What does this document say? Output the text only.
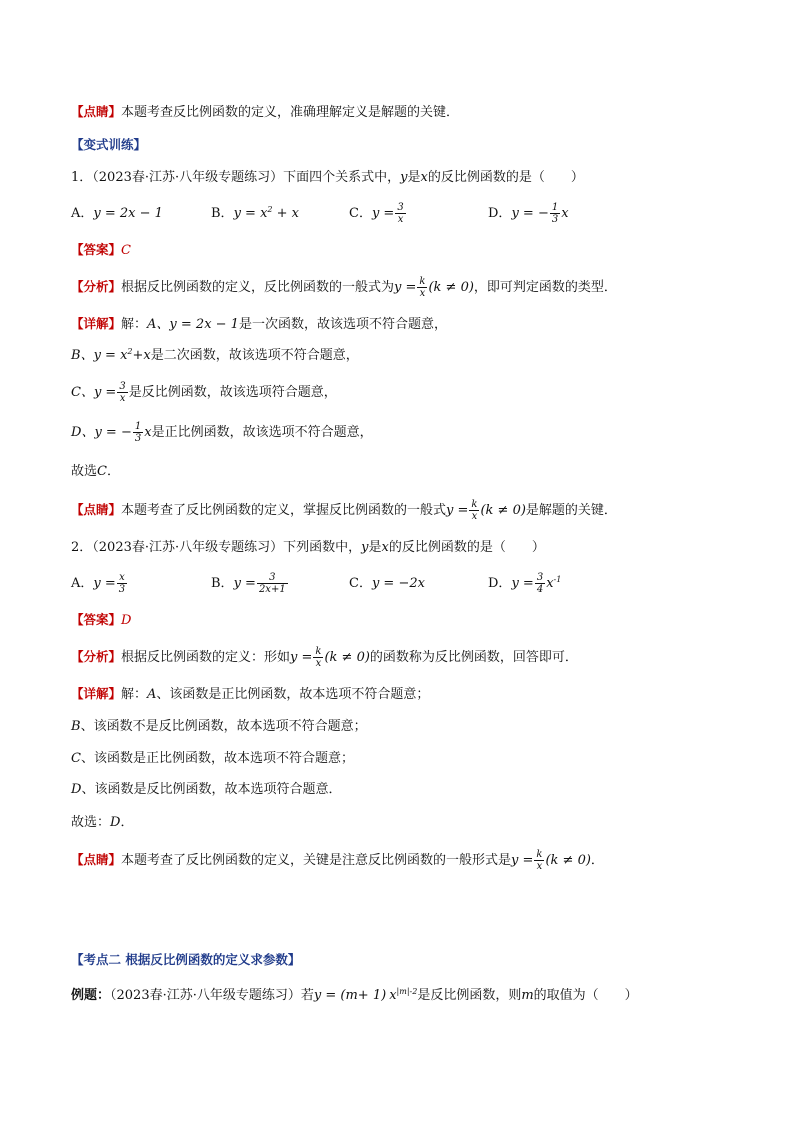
【点睛】本题考查反比例函数的定义，准确理解定义是解题的关键．
【变式训练】
1．（2023春·江苏·八年级专题练习）下面四个关系式中，y是x的反比例函数的是（　　）
A．y = 2x − 1	B．$y = x^2 + x$	C．$y = \frac{3}{x}$	D．y = − $\frac{1}{3}$ x
【答案】C
【分析】根据反比例函数的定义，反比例函数的一般式为$y = \frac{k}{x} (k \ne 0)$，即可判定函数的类型．
【详解】解：A、y = 2x − 1是一次函数，故该选项不符合题意，
B、$y = x^2+x$是二次函数，故该选项不符合题意，
C、$y = \frac{3}{x}$ 是反比例函数，故该选项符合题意，
D、y = − $\frac{1}{3}$ x是正比例函数，故该选项不符合题意，
故选C．
【点睛】本题考查了反比例函数的定义，掌握反比例函数的一般式$y = \frac{k}{x} (k \ne 0)$是解题的关键．
2．（2023春·江苏·八年级专题练习）下列函数中，y是x的反比例函数的是（　　）
A．$y = \frac{x}{3}$	B．$y = \frac{3}{2x+1}$	C．y = −2x	D．$y = \frac{3}{4} x^{-1}$
【答案】D
【分析】根据反比例函数的定义：形如$y = \frac{k}{x} (k \ne 0)$的函数称为反比例函数，回答即可．
【详解】解：A、该函数是正比例函数，故本选项不符合题意；
B、该函数不是反比例函数，故本选项不符合题意；
C、该函数是正比例函数，故本选项不符合题意；
D、该函数是反比例函数，故本选项符合题意．
故选：D．
【点睛】本题考查了反比例函数的定义，关键是注意反比例函数的一般形式是$y = \frac{k}{x} (k \ne 0)$．
【考点二 根据反比例函数的定义求参数】
例题：（2023春·江苏·八年级专题练习）若y = (m+ 1) $x^{|m|-2}$是反比例函数，则m的取值为（　　）
